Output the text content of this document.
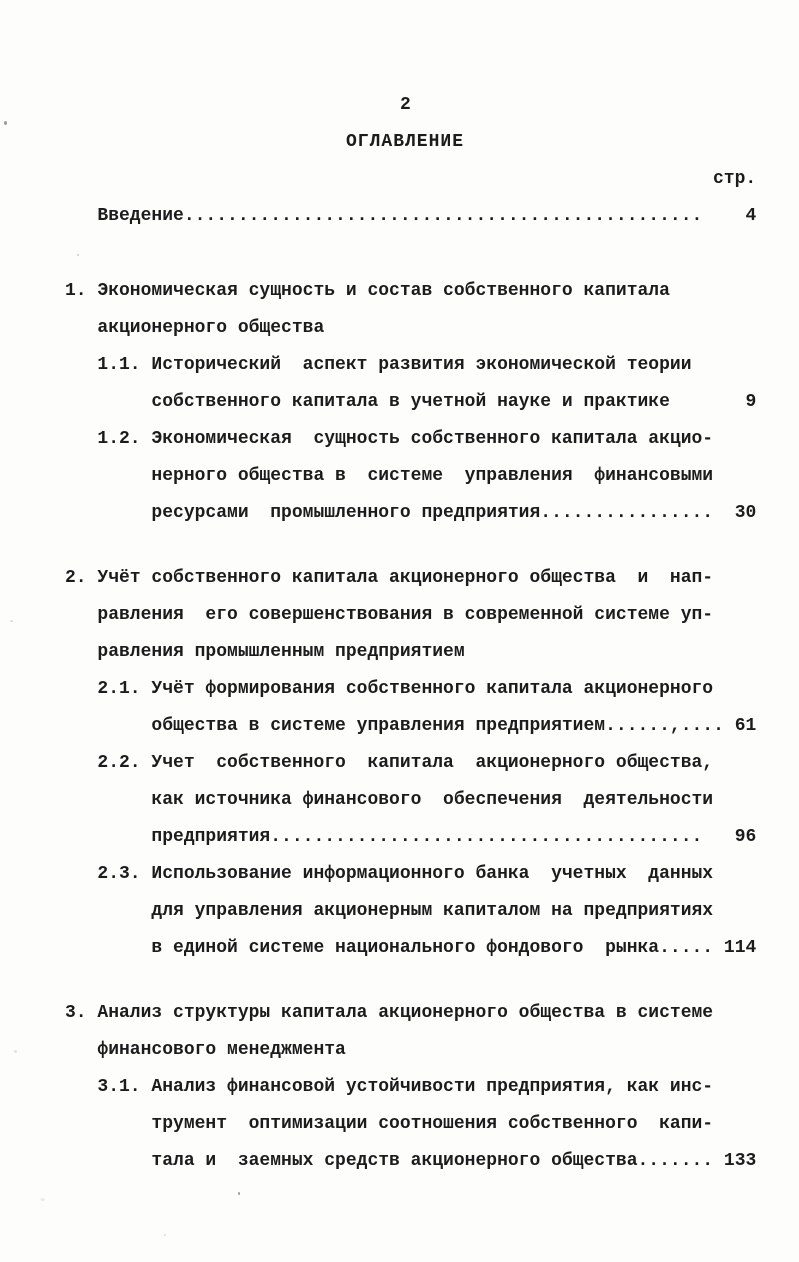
2
ОГЛАВЛЕНИЕ
стр.
Введение................................................    4
1. Экономическая сущность и состав собственного капитала
акционерного общества
1.1. Исторический  аспект развития экономической теории
собственного капитала в учетной науке и практике       9
1.2. Экономическая  сущность собственного капитала акцио-
нерного общества в  системе  управления  финансовыми
ресурсами  промышленного предприятия................  30
2. Учёт собственного капитала акционерного общества  и  нап-
равления  его совершенствования в современной системе уп-
равления промышленным предприятием
2.1. Учёт формирования собственного капитала акционерного
общества в системе управления предприятием......,.... 61
2.2. Учет  собственного  капитала  акционерного общества,
как источника финансового  обеспечения  деятельности
предприятия........................................   96
2.3. Использование информационного банка  учетных  данных
для управления акционерным капиталом на предприятиях
в единой системе национального фондового  рынка..... 114
3. Анализ структуры капитала акционерного общества в системе
финансового менеджмента
3.1. Анализ финансовой устойчивости предприятия, как инс-
трумент  оптимизации соотношения собственного  капи-
тала и  заемных средств акционерного общества....... 133
